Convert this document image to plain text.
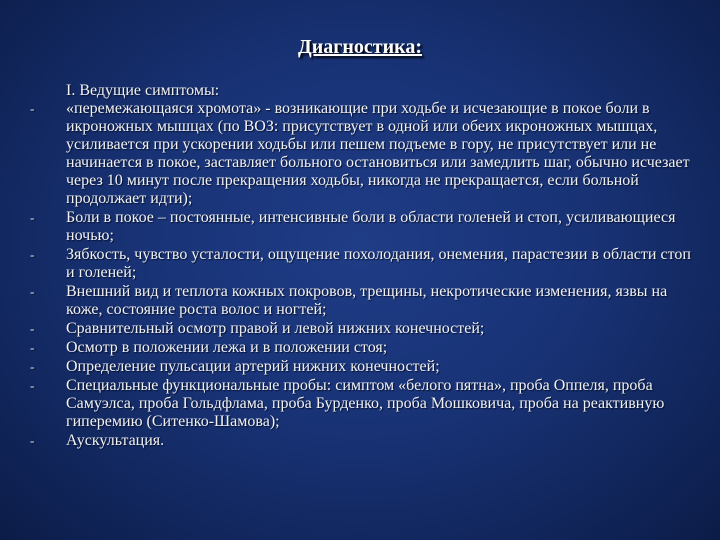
Диагностика:
I. Ведущие симптомы:
-	«перемежающаяся хромота» - возникающие при ходьбе и исчезающие в покое боли в икроножных мышцах (по ВОЗ: присутствует в одной или обеих икроножных мышцах, усиливается при ускорении ходьбы или пешем подъеме в гору, не присутствует или не начинается в покое, заставляет больного остановиться или замедлить шаг, обычно исчезает через 10 минут после прекращения ходьбы, никогда не прекращается, если больной продолжает идти);
-	Боли в покое – постоянные, интенсивные боли в области голеней и стоп, усиливающиеся ночью;
-	Зябкость, чувство усталости, ощущение похолодания, онемения, парастезии в области стоп и голеней;
-	Внешний вид и теплота кожных покровов, трещины, некротические изменения, язвы на коже, состояние роста волос и ногтей;
-	Сравнительный осмотр правой и левой нижних конечностей;
-	Осмотр в положении лежа и в положении стоя;
-	Определение пульсации артерий нижних конечностей;
-	Специальные функциональные пробы: симптом «белого пятна», проба Оппеля, проба Самуэлса, проба Гольдфлама, проба Бурденко, проба Мошковича, проба на реактивную гиперемию (Ситенко-Шамова);
-	Аускультация.
